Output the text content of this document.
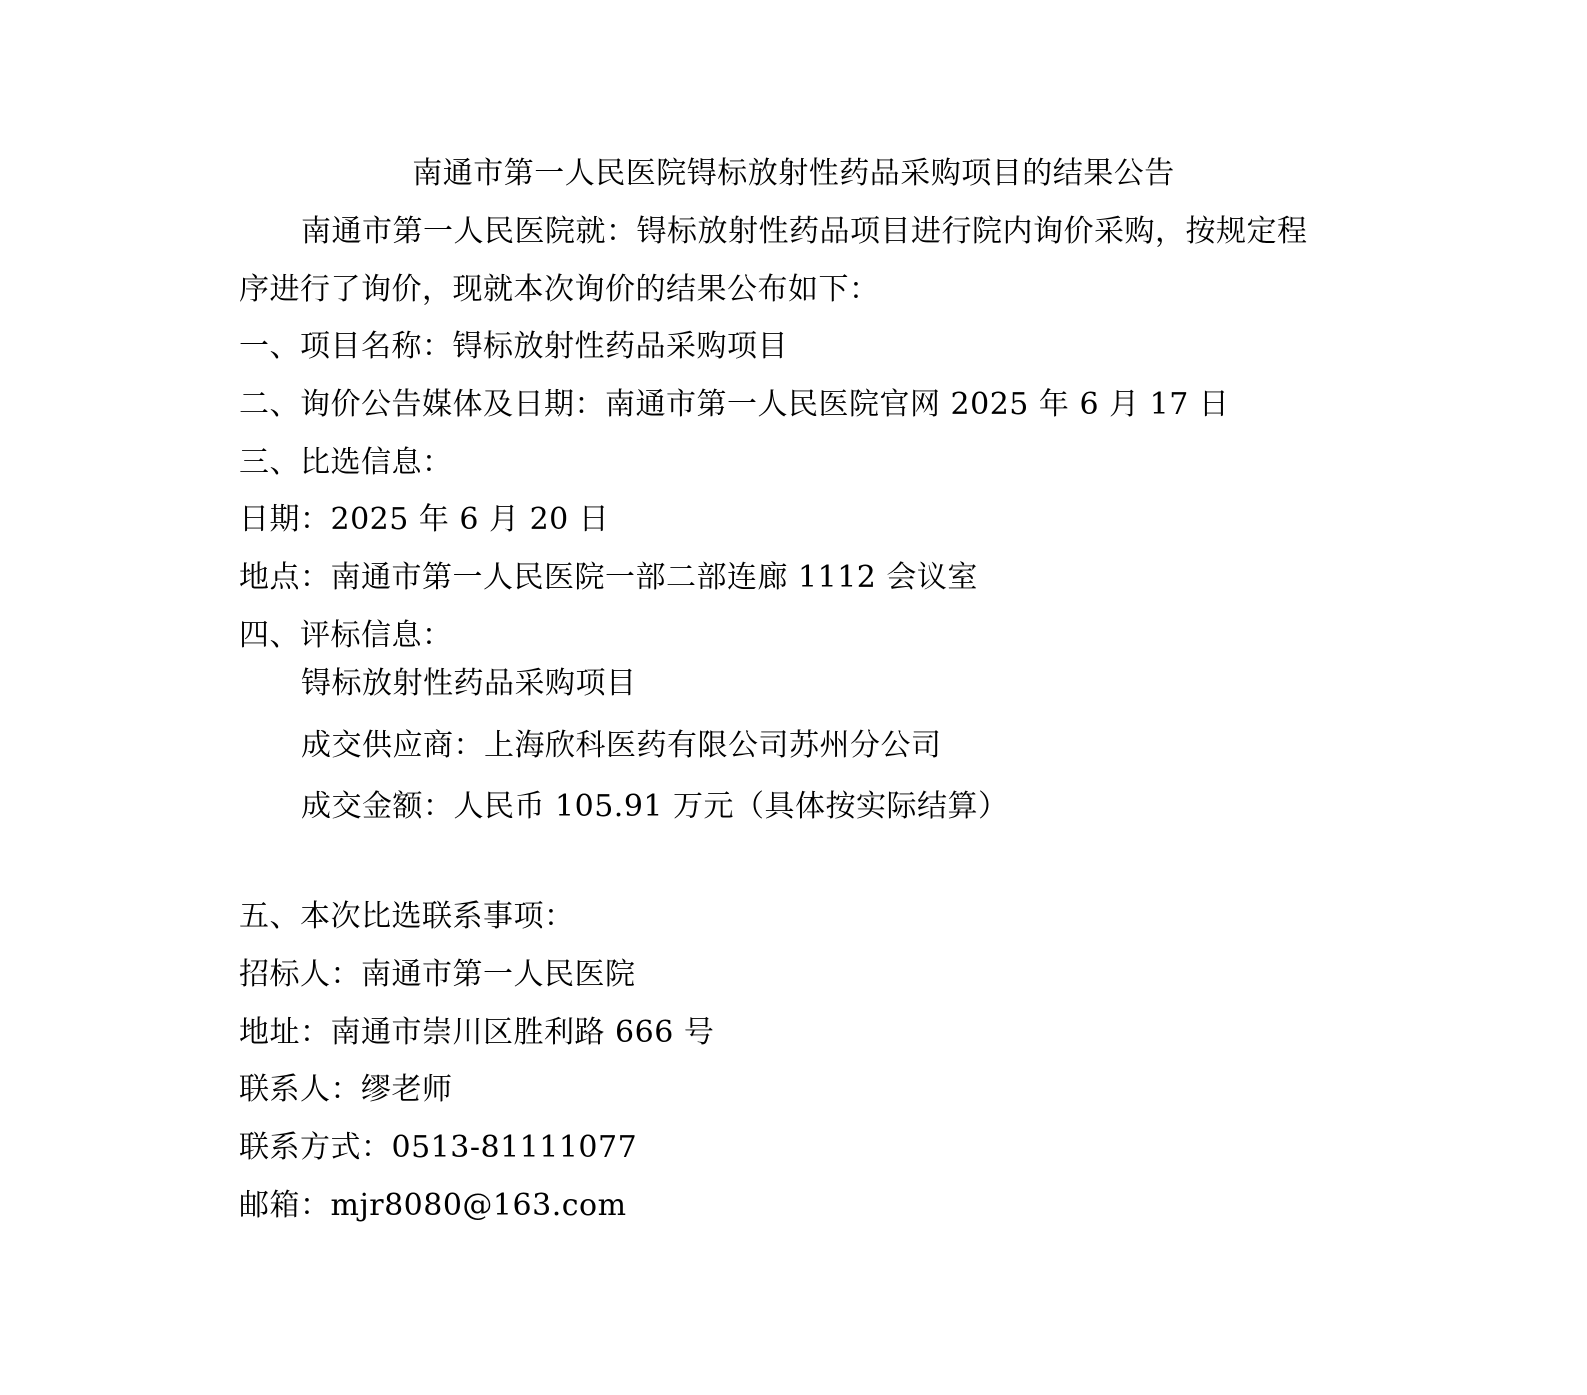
南通市第一人民医院锝标放射性药品采购项目的结果公告
南通市第一人民医院就：锝标放射性药品项目进行院内询价采购，按规定程
序进行了询价，现就本次询价的结果公布如下：
一、项目名称：锝标放射性药品采购项目
二、询价公告媒体及日期：南通市第一人民医院官网 2025 年 6 月 17 日
三、比选信息：
日期：2025 年 6 月 20 日
地点：南通市第一人民医院一部二部连廊 1112 会议室
四、评标信息：
锝标放射性药品采购项目
成交供应商：上海欣科医药有限公司苏州分公司
成交金额：人民币 105.91 万元（具体按实际结算）
五、本次比选联系事项：
招标人：南通市第一人民医院
地址：南通市崇川区胜利路 666 号
联系人：缪老师
联系方式：0513-81111077
邮箱：mjr8080@163.com
